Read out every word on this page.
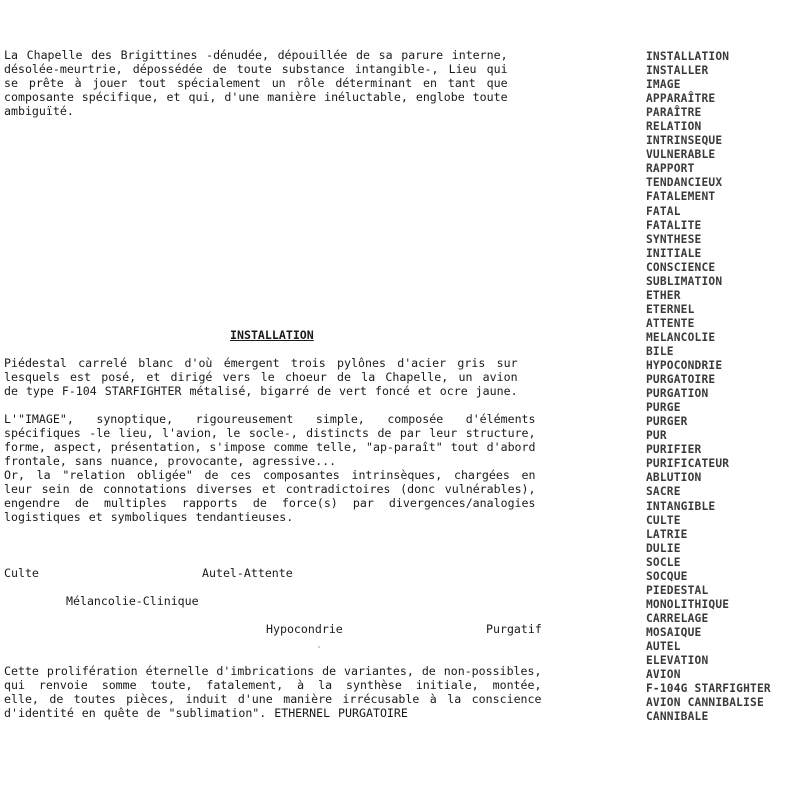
La Chapelle des Brigittines -dénudée, dépouillée de sa parure interne,
désolée-meurtrie, dépossédée de toute substance intangible-, Lieu qui
se prête à jouer tout spécialement un rôle déterminant en tant que
composante spécifique, et qui, d'une manière inéluctable, englobe toute
ambiguïté.

INSTALLATION

Piédestal carrelé blanc d'où émergent trois pylônes d'acier gris sur
lesquels est posé, et dirigé vers le choeur de la Chapelle, un avion
de type F-104 STARFIGHTER métalisé, bigarré de vert foncé et ocre jaune.

L'"IMAGE", synoptique, rigoureusement simple, composée d'éléments
spécifiques -le lieu, l'avion, le socle-, distincts de par leur structure,
forme, aspect, présentation, s'impose comme telle, "ap-paraît" tout d'abord
frontale, sans nuance, provocante, agressive...
Or, la "relation obligée" de ces composantes intrinsèques, chargées en
leur sein de connotations diverses et contradictoires (donc vulnérables),
engendre de multiples rapports de force(s) par divergences/analogies
logistiques et symboliques tendantieuses.

Culte	Autel-Attente
Mélancolie-Clinique
Hypocondrie	Purgatif

Cette prolifération éternelle d'imbrications de variantes, de non-possibles,
qui renvoie somme toute, fatalement, à la synthèse initiale, montée,
elle, de toutes pièces, induit d'une manière irrécusable à la conscience
d'identité en quête de "sublimation". ETHERNEL PURGATOIRE

INSTALLATION
INSTALLER
IMAGE
APPARAÎTRE
PARAÎTRE
RELATION
INTRINSEQUE
VULNERABLE
RAPPORT
TENDANCIEUX
FATALEMENT
FATAL
FATALITE
SYNTHESE
INITIALE
CONSCIENCE
SUBLIMATION
ETHER
ETERNEL
ATTENTE
MELANCOLIE
BILE
HYPOCONDRIE
PURGATOIRE
PURGATION
PURGE
PURGER
PUR
PURIFIER
PURIFICATEUR
ABLUTION
SACRE
INTANGIBLE
CULTE
LATRIE
DULIE
SOCLE
SOCQUE
PIEDESTAL
MONOLITHIQUE
CARRELAGE
MOSAIQUE
AUTEL
ELEVATION
AVION
F-104G STARFIGHTER
AVION CANNIBALISE
CANNIBALE
